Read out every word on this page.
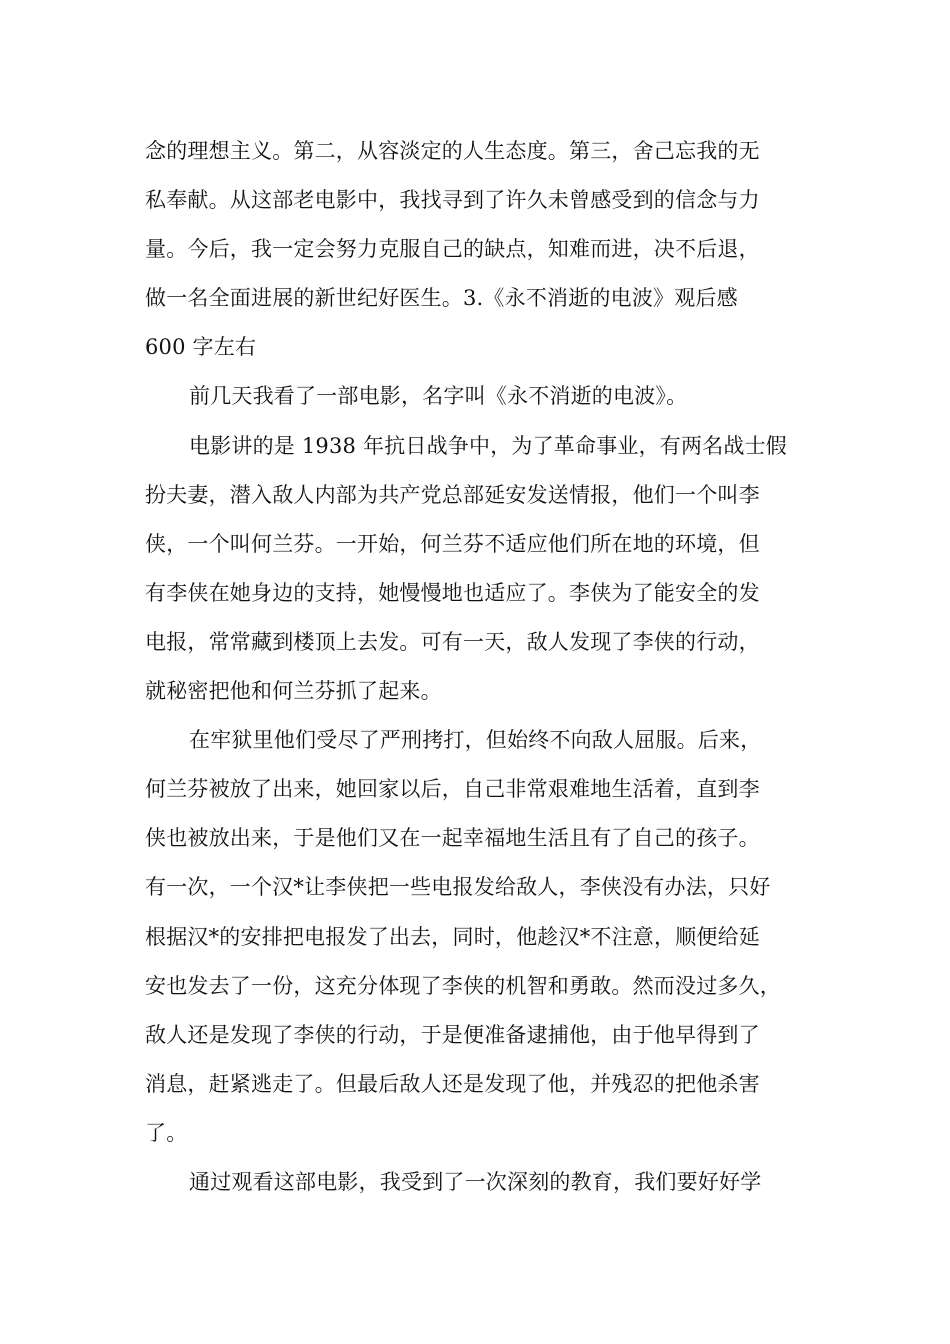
念的理想主义。第二，从容淡定的人生态度。第三，舍己忘我的无
私奉献。从这部老电影中，我找寻到了许久未曾感受到的信念与力
量。今后，我一定会努力克服自己的缺点，知难而进，决不后退，
做一名全面进展的新世纪好医生。3.《永不消逝的电波》观后感
600 字左右
前几天我看了一部电影，名字叫《永不消逝的电波》。
电影讲的是 1938 年抗日战争中，为了革命事业，有两名战士假
扮夫妻，潜入敌人内部为共产党总部延安发送情报，他们一个叫李
侠，一个叫何兰芬。一开始，何兰芬不适应他们所在地的环境，但
有李侠在她身边的支持，她慢慢地也适应了。李侠为了能安全的发
电报，常常藏到楼顶上去发。可有一天，敌人发现了李侠的行动，
就秘密把他和何兰芬抓了起来。
在牢狱里他们受尽了严刑拷打，但始终不向敌人屈服。后来，
何兰芬被放了出来，她回家以后，自己非常艰难地生活着，直到李
侠也被放出来，于是他们又在一起幸福地生活且有了自己的孩子。
有一次，一个汉*让李侠把一些电报发给敌人，李侠没有办法，只好
根据汉*的安排把电报发了出去，同时，他趁汉*不注意，顺便给延
安也发去了一份，这充分体现了李侠的机智和勇敢。然而没过多久，
敌人还是发现了李侠的行动，于是便准备逮捕他，由于他早得到了
消息，赶紧逃走了。但最后敌人还是发现了他，并残忍的把他杀害
了。
通过观看这部电影，我受到了一次深刻的教育，我们要好好学
